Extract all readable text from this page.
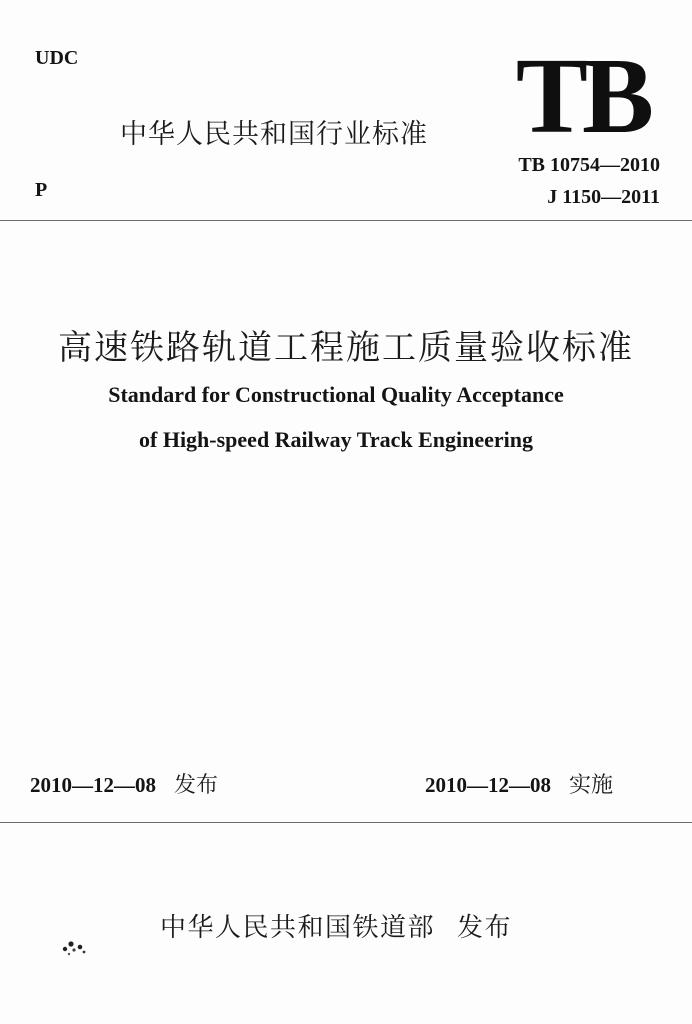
UDC	TB
中华人民共和国行业标准
P
TB 10754—2010
J 1150—2011
高速铁路轨道工程施工质量验收标准
Standard for Constructional Quality Acceptance
of High-speed Railway Track Engineering
2010—12—08 发布	2010—12—08 实施
中华人民共和国铁道部 发布
